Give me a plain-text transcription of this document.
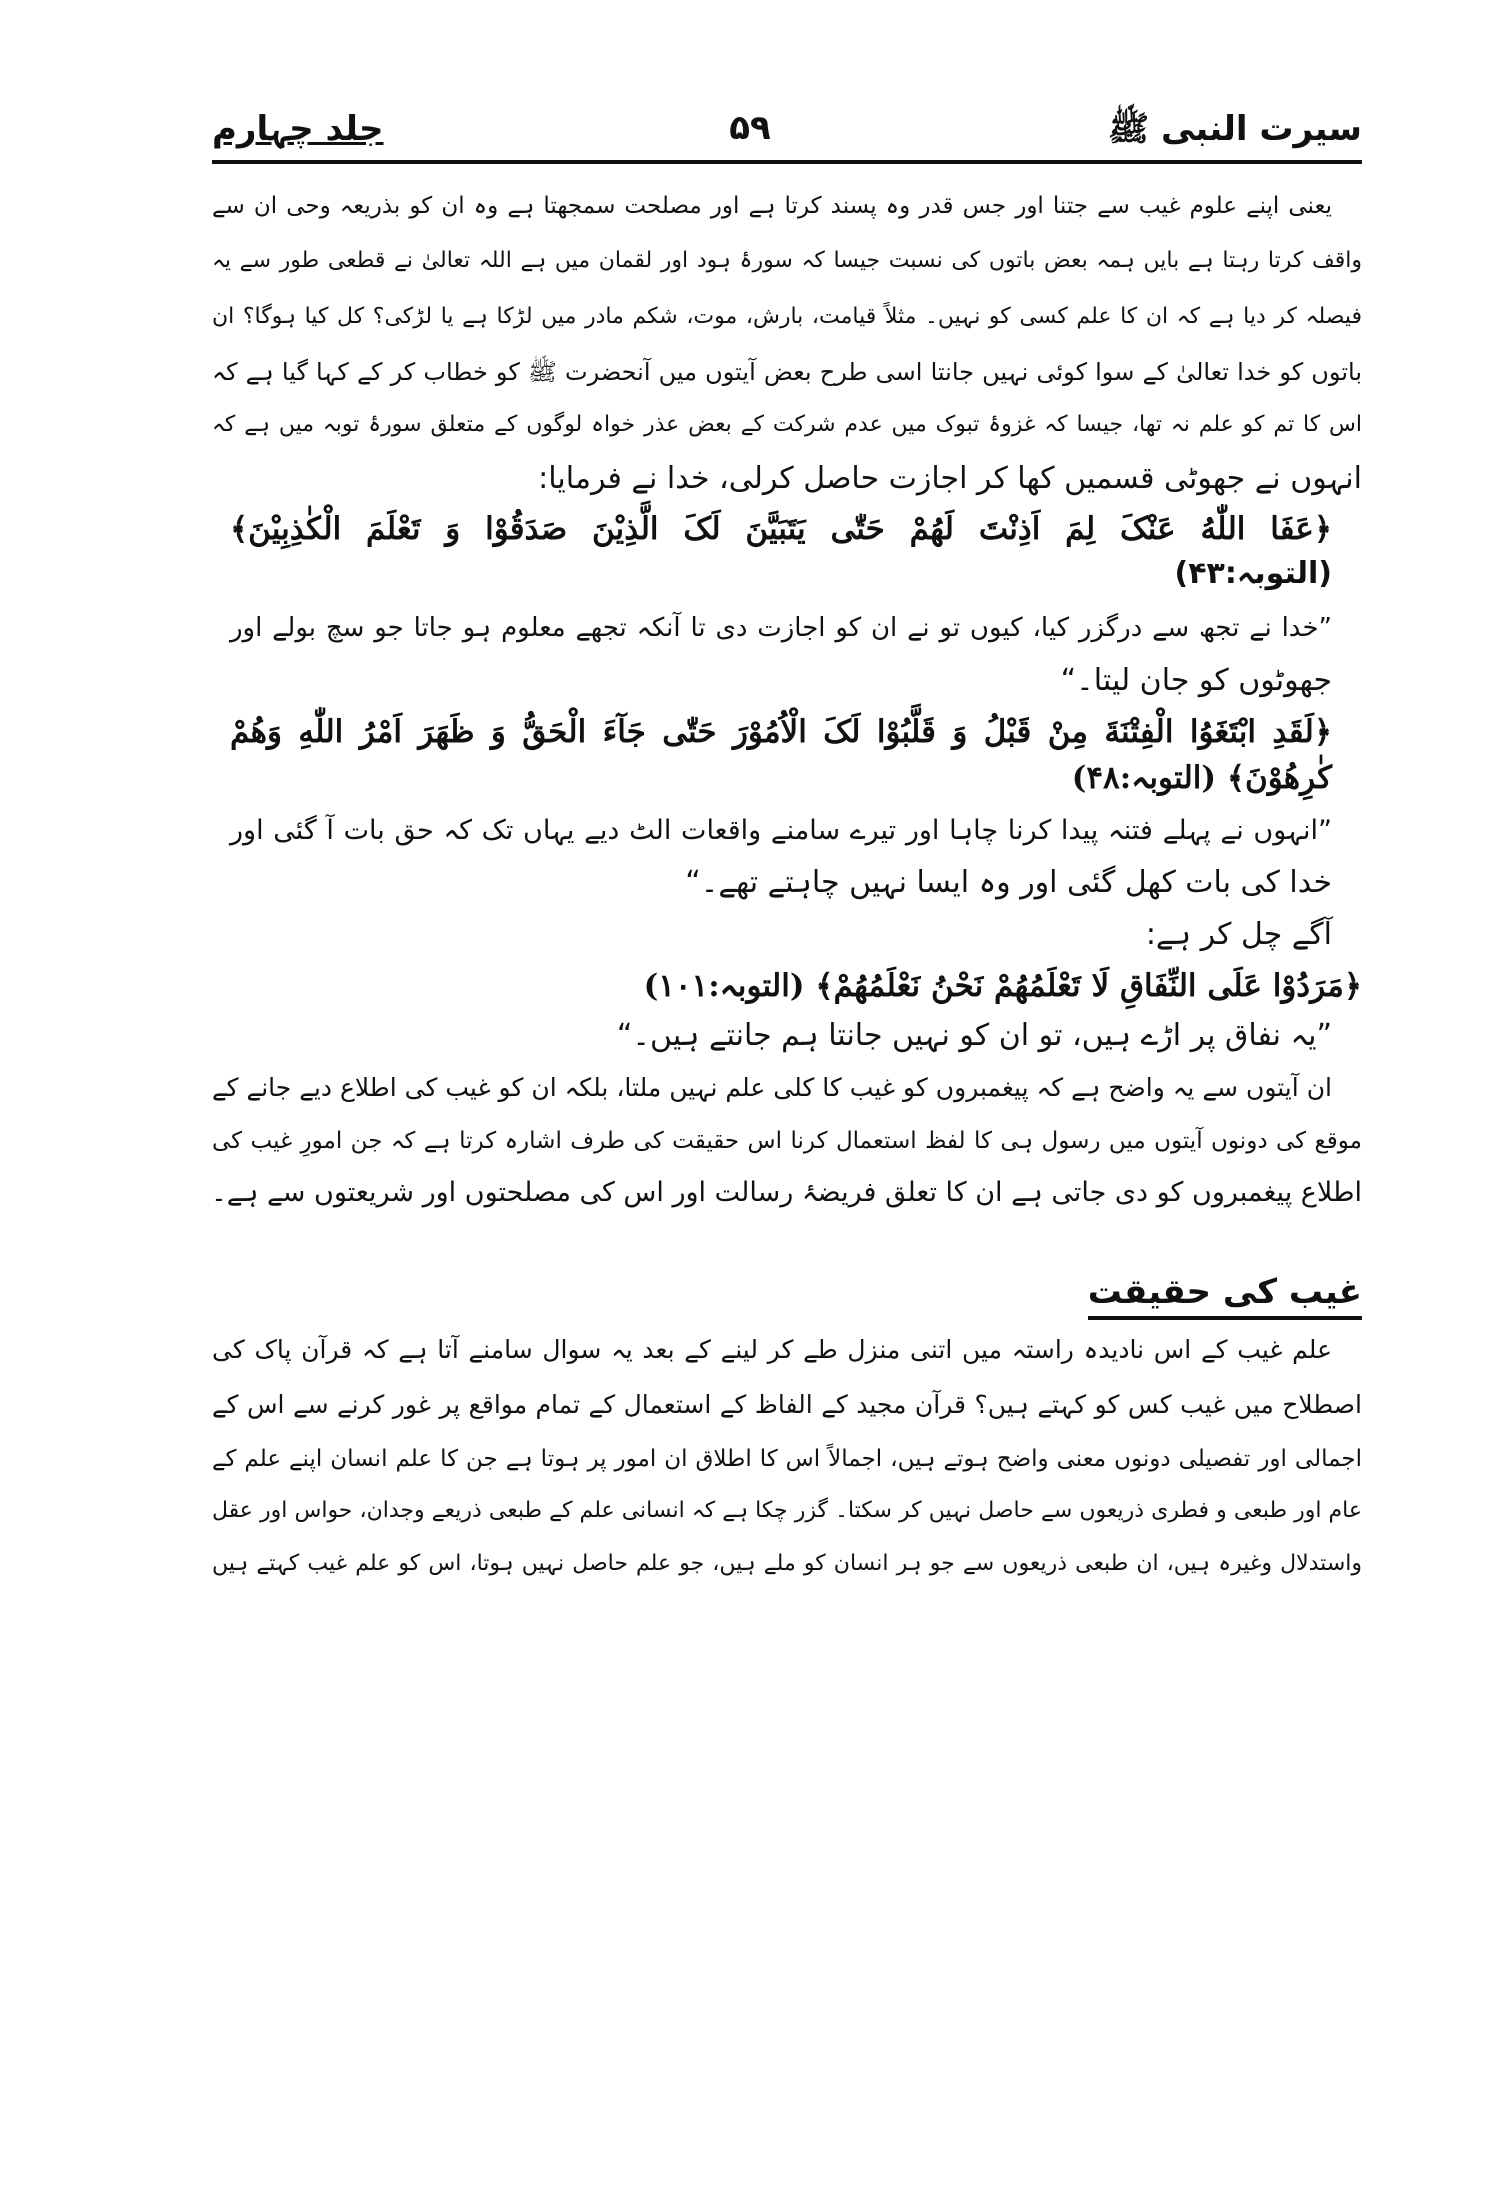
سیرت النبی ﷺ
۵۹
جلد چہارم
یعنی اپنے علوم غیب سے جتنا اور جس قدر وہ پسند کرتا ہے اور مصلحت سمجھتا ہے وہ ان کو بذریعہ وحی ان سے
واقف کرتا رہتا ہے بایں ہمہ بعض باتوں کی نسبت جیسا کہ سورۂ ہود اور لقمان میں ہے اللہ تعالیٰ نے قطعی طور سے یہ
فیصلہ کر دیا ہے کہ ان کا علم کسی کو نہیں۔ مثلاً قیامت، بارش، موت، شکم مادر میں لڑکا ہے یا لڑکی؟ کل کیا ہوگا؟ ان
باتوں کو خدا تعالیٰ کے سوا کوئی نہیں جانتا اسی طرح بعض آیتوں میں آنحضرت ﷺ کو خطاب کر کے کہا گیا ہے کہ
اس کا تم کو علم نہ تھا، جیسا کہ غزوۂ تبوک میں عدم شرکت کے بعض عذر خواہ لوگوں کے متعلق سورۂ توبہ میں ہے کہ
انہوں نے جھوٹی قسمیں کھا کر اجازت حاصل کرلی، خدا نے فرمایا:
﴿عَفَا اللّٰهُ عَنْکَ لِمَ اَذِنْتَ لَهُمْ حَتّٰی یَتَبَیَّنَ لَکَ الَّذِیْنَ صَدَقُوْا وَ تَعْلَمَ الْکٰذِبِیْنَ﴾
(التوبہ:۴۳)
”خدا نے تجھ سے درگزر کیا، کیوں تو نے ان کو اجازت دی تا آنکہ تجھے معلوم ہو جاتا جو سچ بولے اور
جھوٹوں کو جان لیتا۔“
﴿لَقَدِ ابْتَغَوُا الْفِتْنَةَ مِنْ قَبْلُ وَ قَلَّبُوْا لَکَ الْاُمُوْرَ حَتّٰی جَآءَ الْحَقُّ وَ ظَهَرَ اَمْرُ اللّٰهِ وَهُمْ
کٰرِهُوْنَ﴾ (التوبہ:۴۸)
”انہوں نے پہلے فتنہ پیدا کرنا چاہا اور تیرے سامنے واقعات الٹ دیے یہاں تک کہ حق بات آ گئی اور
خدا کی بات کھل گئی اور وہ ایسا نہیں چاہتے تھے۔“
آگے چل کر ہے:
﴿مَرَدُوْا عَلَی النِّفَاقِ لَا تَعْلَمُهُمْ نَحْنُ نَعْلَمُهُمْ﴾ (التوبہ:۱۰۱)
”یہ نفاق پر اڑے ہیں، تو ان کو نہیں جانتا ہم جانتے ہیں۔“
ان آیتوں سے یہ واضح ہے کہ پیغمبروں کو غیب کا کلی علم نہیں ملتا، بلکہ ان کو غیب کی اطلاع دیے جانے کے
موقع کی دونوں آیتوں میں رسول ہی کا لفظ استعمال کرنا اس حقیقت کی طرف اشارہ کرتا ہے کہ جن امورِ غیب کی
اطلاع پیغمبروں کو دی جاتی ہے ان کا تعلق فریضۂ رسالت اور اس کی مصلحتوں اور شریعتوں سے ہے۔
غیب کی حقیقت
علم غیب کے اس نادیدہ راستہ میں اتنی منزل طے کر لینے کے بعد یہ سوال سامنے آتا ہے کہ قرآن پاک کی
اصطلاح میں غیب کس کو کہتے ہیں؟ قرآن مجید کے الفاظ کے استعمال کے تمام مواقع پر غور کرنے سے اس کے
اجمالی اور تفصیلی دونوں معنی واضح ہوتے ہیں، اجمالاً اس کا اطلاق ان امور پر ہوتا ہے جن کا علم انسان اپنے علم کے
عام اور طبعی و فطری ذریعوں سے حاصل نہیں کر سکتا۔ گزر چکا ہے کہ انسانی علم کے طبعی ذریعے وجدان، حواس اور عقل
واستدلال وغیرہ ہیں، ان طبعی ذریعوں سے جو ہر انسان کو ملے ہیں، جو علم حاصل نہیں ہوتا، اس کو علم غیب کہتے ہیں
